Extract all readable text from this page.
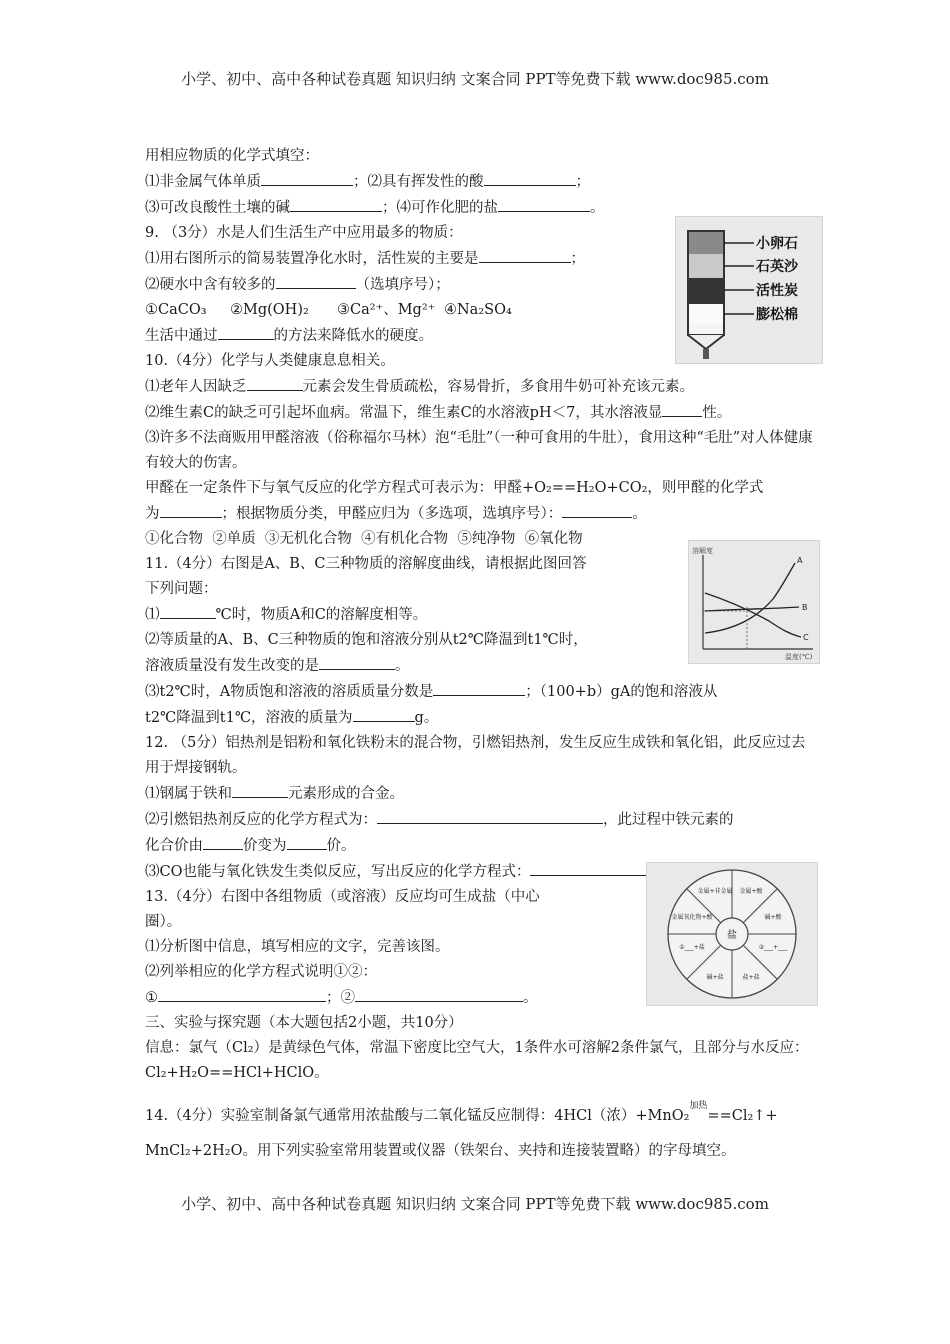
小学、初中、高中各种试卷真题 知识归纳 文案合同 PPT等免费下载 www.doc985.com
用相应物质的化学式填空：
⑴非金属气体单质	；⑵具有挥发性的酸	；
⑶可改良酸性土壤的碱	；⑷可作化肥的盐	。
9. （3分）水是人们生活生产中应用最多的物质：
⑴用右图所示的简易装置净化水时，活性炭的主要是	；
⑵硬水中含有较多的	（选填序号）；
①CaCO₃ ②Mg(OH)₂ ③Ca²⁺、Mg²⁺ ④Na₂SO₄
生活中通过	的方法来降低水的硬度。
10.（4分）化学与人类健康息息相关。
⑴老年人因缺乏	元素会发生骨质疏松，容易骨折，多食用牛奶可补充该元素。
⑵维生素C的缺乏可引起坏血病。常温下，维生素C的水溶液pH＜7，其水溶液显	性。
⑶许多不法商贩用甲醛溶液（俗称福尔马林）泡“毛肚”（一种可食用的牛肚），食用这种“毛肚”对人体健康有较大的伤害。
甲醛在一定条件下与氧气反应的化学方程式可表示为：甲醛+O₂==H₂O+CO₂，则甲醛的化学式
为	；根据物质分类，甲醛应归为（多选项，选填序号）：	。
①化合物  ②单质  ③无机化合物  ④有机化合物  ⑤纯净物  ⑥氧化物
11.（4分）右图是A、B、C三种物质的溶解度曲线，请根据此图回答
下列问题：
⑴	℃时，物质A和C的溶解度相等。
⑵等质量的A、B、C三种物质的饱和溶液分别从t2℃降温到t1℃时，
溶液质量没有发生改变的是	。
⑶t2℃时，A物质饱和溶液的溶质质量分数是	；（100+b）gA的饱和溶液从
t2℃降温到t1℃，溶液的质量为	g。
12. （5分）铝热剂是铝粉和氧化铁粉末的混合物，引燃铝热剂，发生反应生成铁和氧化铝，此反应过去用于焊接钢轨。
⑴钢属于铁和	元素形成的合金。
⑵引燃铝热剂反应的化学方程式为：	，此过程中铁元素的
化合价由	价变为	价。
⑶CO也能与氧化铁发生类似反应，写出反应的化学方程式：
13.（4分）右图中各组物质（或溶液）反应均可生成盐（中心
圈）。
⑴分析图中信息，填写相应的文字，完善该图。
⑵列举相应的化学方程式说明①②：
①	；②	。
三、实验与探究题（本大题包括2小题，共10分）
信息：氯气（Cl₂）是黄绿色气体，常温下密度比空气大，1条件水可溶解2条件氯气，且部分与水反应：Cl₂+H₂O==HCl+HClO。
14.（4分）实验室制备氯气通常用浓盐酸与二氧化锰反应制得：4HCl（浓）+MnO₂$^{加热}$==Cl₂↑+
MnCl₂+2H₂O。用下列实验室常用装置或仪器（铁架台、夹持和连接装置略）的字母填空。
小卵石
石英沙
活性炭
膨松棉
溶解度
温度(℃)
A
B
C
盐
金属+非金属 金属+酸
碱+酸
②___+___
盐+盐
碱+盐
①___+盐
金属氧化物+酸
小学、初中、高中各种试卷真题 知识归纳 文案合同 PPT等免费下载 www.doc985.com
